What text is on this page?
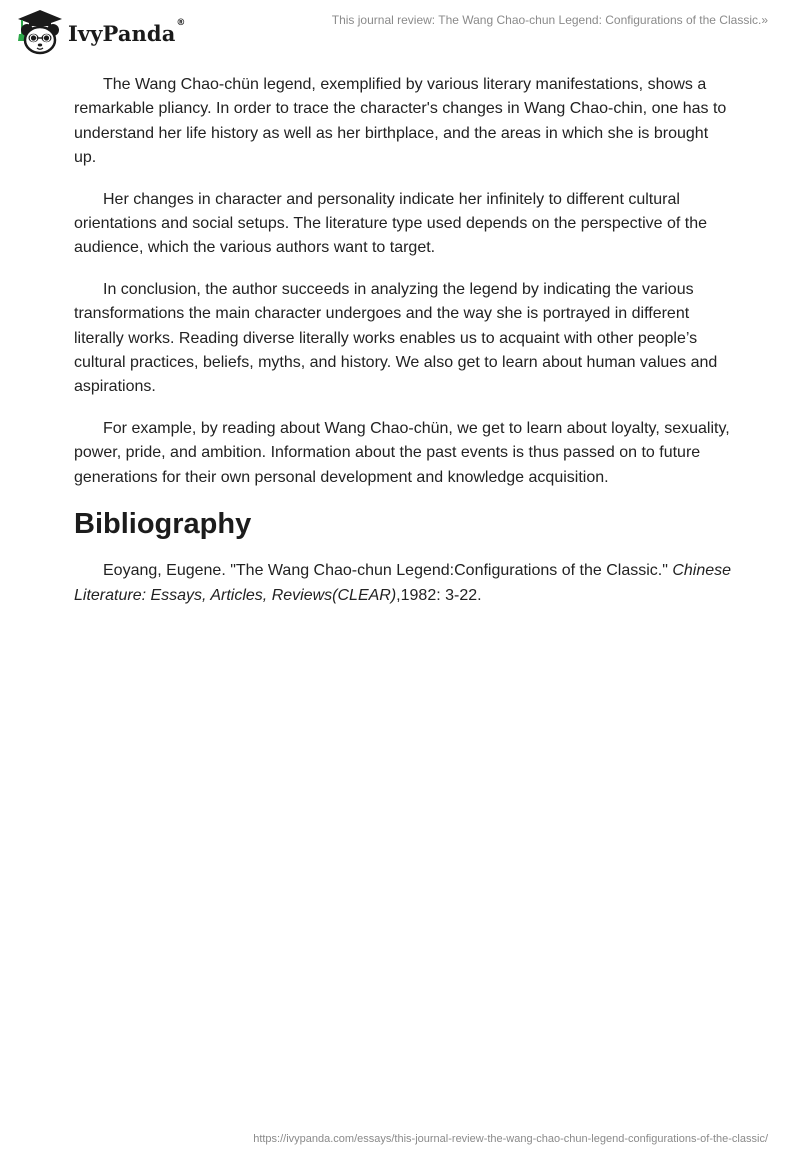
IvyPanda®	This journal review: The Wang Chao-chun Legend: Configurations of the Classic.»

The Wang Chao-chün legend, exemplified by various literary manifestations, shows a remarkable pliancy. In order to trace the character's changes in Wang Chao-chin, one has to understand her life history as well as her birthplace, and the areas in which she is brought up.

Her changes in character and personality indicate her infinitely to different cultural orientations and social setups. The literature type used depends on the perspective of the audience, which the various authors want to target.

In conclusion, the author succeeds in analyzing the legend by indicating the various transformations the main character undergoes and the way she is portrayed in different literally works. Reading diverse literally works enables us to acquaint with other people’s cultural practices, beliefs, myths, and history. We also get to learn about human values and aspirations.

For example, by reading about Wang Chao-chün, we get to learn about loyalty, sexuality, power, pride, and ambition. Information about the past events is thus passed on to future generations for their own personal development and knowledge acquisition.

Bibliography

Eoyang, Eugene. "The Wang Chao-chun Legend:Configurations of the Classic." Chinese Literature: Essays, Articles, Reviews(CLEAR),1982: 3-22.

https://ivypanda.com/essays/this-journal-review-the-wang-chao-chun-legend-configurations-of-the-classic/
